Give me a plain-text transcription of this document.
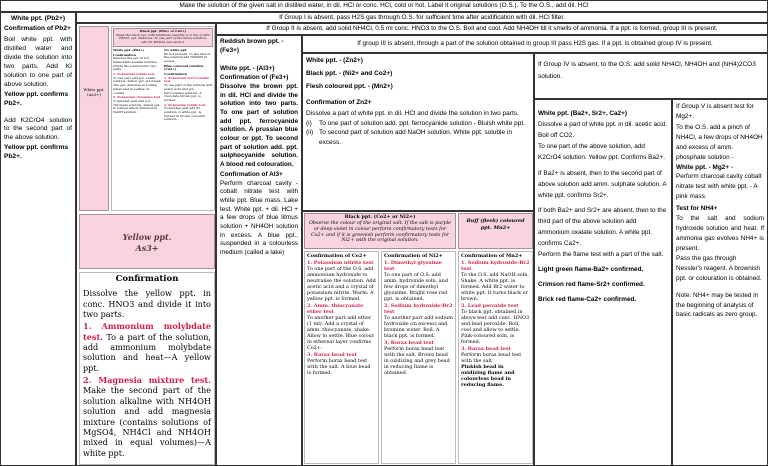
Make the solution of the given salt in distilled water, in dil. HCl or conc. HCl, cold or hot. Label it original solutions (O.S.). To the O.S., add dil. HCl

White ppt. (Pb2+)

Confirmation of Pb2+

Boil white ppt. with distilled water and divide the solution into two parts. Add KI solution to one part of above solution.

Yellow ppt. confirms Pb2+.

Add K2CrO4 solution to the second part of the above solution.

Yellow ppt. confirms Pb2+.

If Group I is absent, pass H2S gas through O.S. for sufficient time after acidification with dil. HCl filter.
White ppt. (As3+)
Black ppt. (Pb2+ or Cu2+)
Wash the black ppt. with minimum quantity (1-2 ml) of 50% HNO3, ppt. dissolves. To one part of the above solution, add dil. H2SO4 and alcohol.

White ppt. (Pb2+)

Confirmation

Dissolve the ppt. in hot ammonium acetate solution. Divide the solution into two parts :

1. Potassium iodide test

To one part add pot. iodide solution. Yellow ppt. is formed. The ppt. dissolves in boiling water and re-settles on cooling.

2. Potassium chromate test

To another part add pot. chromate solution. Yellow ppt. is formed which dissolves in NaOH solution.

No white ppt

Pb not present. To the rest of the solution add NH4OH in excess.

Blue coloured solution (Cu2+)

Confirmation

1. Potassium ferrocyanide test

To one part of the solution add acetic acid and pot. ferrocyanide solution. A chocolate brown ppt. is formed.

2. Potassium iodide test

To another part add KI solution. A white ppt. is formed in brown coloured solution.

Yellow ppt.
As3+

Confirmation

Dissolve the yellow ppt. in conc. HNO3 and divide it into two parts.

1. Ammonium molybdate test. To a part of the solution, add ammonium molybdate solution and heat—A yellow ppt.

2. Magnesia mixture test. Make the second part of the solution alkaline with NH4OH solution and add magnesia mixture (contains solutions of MgSO4, NH4Cl and NH4OH mixed in equal volumes)—A white ppt.

If Group II is absent, add solid NH4Cl, 0.5 ml conc. HNO3 to the O.S. Boil and cool. Add NH4OH till it smells of ammonia. If a ppt. is formed, group III is present.

Reddish brown ppt. - (Fe3+)

White ppt. - (Al3+)

Confirmation of (Fe3+)

Dissolve the brown ppt. in dil. HCl and divide the solution into two parts. To one part of solution add ppt. ferrocyanide solution. A prussian blue colour or ppt. To second part of solution add. ppt. sulphocyanide solution. A blood red colouration.

Confirmation of Al3+

Perform charcoal cavity - cobalt nitrate test with white ppt. Blue mass. Lake test. White ppt. + dil. HCl + a few drops of blue litmus solution + NH4OH solution in excess. A blue ppt., suspended in a colourless medium (called a lake)

If group III is absent, through a part of the solution obtained in group III pass H2S gas. If a ppt. is obtained group IV is present.

White ppt. - (Zn2+)

Black ppt. - (Ni2+ and Co2+)

Flesh coloured ppt. - (Mn2+)

Confirmation of Zn2+

Dissolve a part of white ppt. in dil. HCl and divide the solution in two parts.

(i)	To one part of solution add. ppt. ferrocyanide solution - Bluish white ppt.
(ii) To second part of solution add NaOH solution. White ppt. soluble in excess.
Black ppt. (Co2+ or Ni2+)
Observe the colour of the original salt. If the salt is purple or deep violet in colour perform confirmatory tests for Co2+ and if it is greenish perform confirmatory tests for Ni2+ with the original solution.
Buff (flesh) coloured ppt. Mn2+

Confirmation of Co2+

1. Potassium nitrite test

To one part of the O.S. add ammonium hydroxide to neutralise the solution. Add acetic acid and a crystal of potassium nitrite. Warm. A yellow ppt. is formed.

2. Amm. thiocyanate ether test

To another part add ether (1 ml). Add a crystal of amm. thiocyanate, shake. Allow to settle. Blue colour in ethereal layer confirms Co2+.

3. Borax bead test

Perform borax bead test with the salt. A blue bead is formed.

Confirmation of Ni2+

1. Dimethyl glyoxime test

To one part of O.S. add amm. hydroxide soln. and few drops of dimethyl glyoxime. Bright rose red ppt. is obtained.

2. Sodium hydroxide-Br2 test

To another part add sodium hydroxide (in excess) and bromine water. Boil. A black ppt. is formed.

3. Borax bead test

Perform borax bead test with the salt. Brown bead in oxidizing and grey bead in reducing flame is obtained.

Confirmation of Mn2+

1. Sodium hydroxide-Br2 test

To the O.S. add NaOH soln. Shake. A white ppt. is formed. Add Br2 water to white ppt. It turns black or brown.

2. Lead peroxide test

To black ppt. obtained in above test add conc. HNO3 and lead peroxide. Boil, cool and allow to settle. Pink-coloured soln. is formed.

3. Borax bead test

Perform borax bead test with the salt.

Pinkish bead in oxidizing flame and colourless bead in reducing flame.

If Group IV is absent, to the O.S. add solid NH4Cl, NH4OH and (NH4)2CO3 solution.

White ppt. (Ba2+, Sr2+, Ca2+)

Dissolve a part of white ppt. in dil. acetic acid. Boil off CO2.

To one part of the above solution, add K2CrO4 solution. Yellow ppt. Confirms Ba2+.

If Ba2+ is absent, then to the second part of above solution add amm. sulphate solution. A white ppt. confirms Sr2+.

If both Ba2+ and Sr2+ are absent, then to the third part of the above solution add ammonium oxalate solution. A white ppt. confirms Ca2+.

Perform the flame test with a part of the salt.

Light green flame-Ba2+ confirmed.

Crimson red flame-Sr2+ confirmed.

Brick red flame-Ca2+ confirmed.

If Group V is absent test for Mg2+.

To the O.S. add a pinch of NH4Cl, a few drops of NH4OH and excess of amm. phosphate solution -

White ppt. - Mg2+ -

Perform charcoal cavity cobalt nitrate test with white ppt. - A pink mass.

Test for NH4+

To the salt and sodium hydroxide solution and heat. If ammonia gas evolves NH4+ is present.

Pass the gas through Nessler's reagent. A brownish ppt. or colouration is obtained.

Note: NH4+ may be tested in the beginning of analysis of basic radicals as zero group.
